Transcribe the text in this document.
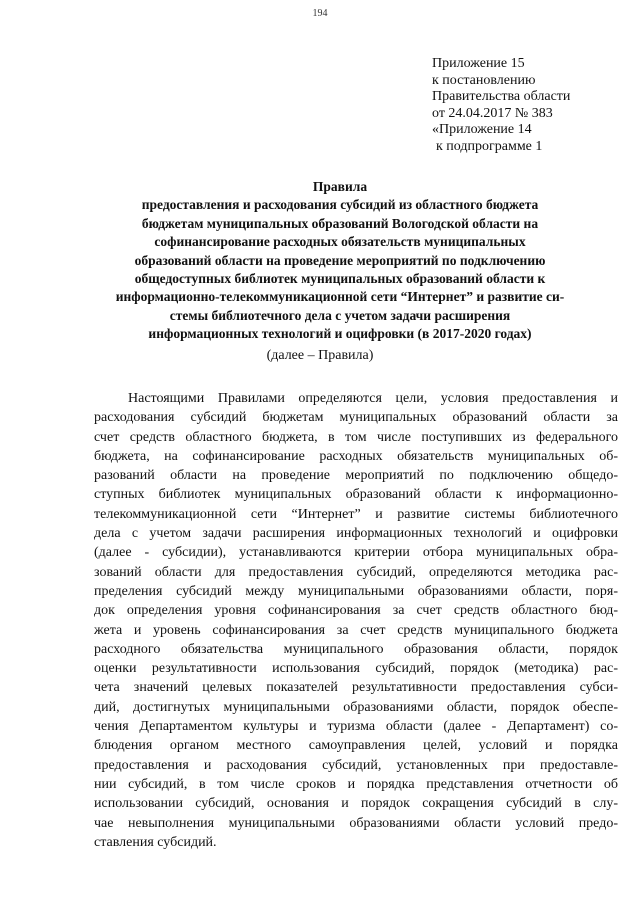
194
Приложение 15
к постановлению
Правительства области
от 24.04.2017 № 383
«Приложение 14
к подпрограмме 1
Правила
предоставления и расходования субсидий из областного бюджета
бюджетам муниципальных образований Вологодской области на
софинансирование расходных обязательств муниципальных
образований области на проведение мероприятий по подключению
общедоступных библиотек муниципальных образований области к
информационно-телекоммуникационной сети “Интернет” и развитие си-
стемы библиотечного дела с учетом задачи расширения
информационных технологий и оцифровки (в 2017-2020 годах)
(далее – Правила)
Настоящими Правилами определяются цели, условия предоставления и
расходования субсидий бюджетам муниципальных образований области за
счет средств областного бюджета, в том числе поступивших из федерального
бюджета, на софинансирование расходных обязательств муниципальных об-
разований области на проведение мероприятий по подключению общедо-
ступных библиотек муниципальных образований области к информационно-
телекоммуникационной сети “Интернет” и развитие системы библиотечного
дела с учетом задачи расширения информационных технологий и оцифровки
(далее - субсидии), устанавливаются критерии отбора муниципальных обра-
зований области для предоставления субсидий, определяются методика рас-
пределения субсидий между муниципальными образованиями области, поря-
док определения уровня софинансирования за счет средств областного бюд-
жета и уровень софинансирования за счет средств муниципального бюджета
расходного обязательства муниципального образования области, порядок
оценки результативности использования субсидий, порядок (методика) рас-
чета значений целевых показателей результативности предоставления субси-
дий, достигнутых муниципальными образованиями области, порядок обеспе-
чения Департаментом культуры и туризма области (далее - Департамент) со-
блюдения органом местного самоуправления целей, условий и порядка
предоставления и расходования субсидий, установленных при предоставле-
нии субсидий, в том числе сроков и порядка представления отчетности об
использовании субсидий, основания и порядок сокращения субсидий в слу-
чае невыполнения муниципальными образованиями области условий предо-
ставления субсидий.
